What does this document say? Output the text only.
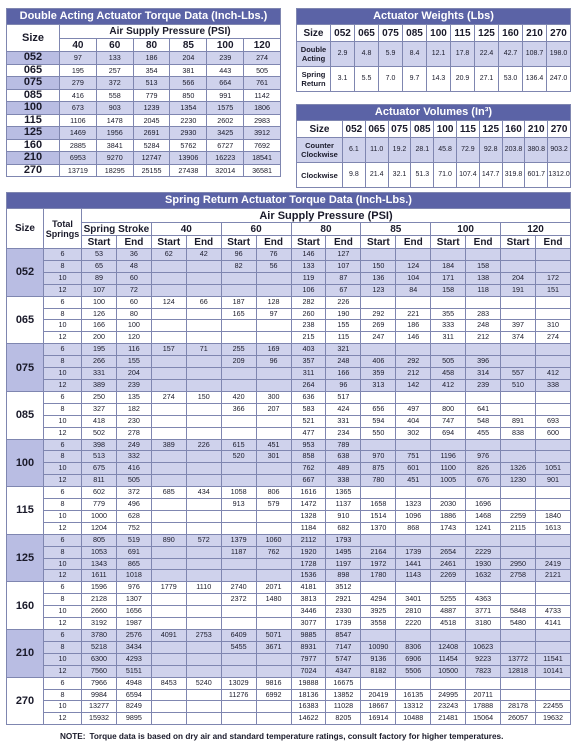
Double Acting Actuator Torque Data (Inch-Lbs.)						
Size	Air Supply Pressure (PSI)					
	40	60	80	85	100	120
052	97	133	186	204	239	274
065	195	257	354	381	443	505
075	279	372	513	566	664	761
085	416	558	779	850	991	1142
100	673	903	1239	1354	1575	1806
115	1106	1478	2045	2230	2602	2983
125	1469	1956	2691	2930	3425	3912
160	2885	3841	5284	5762	6727	7692
210	6953	9270	12747	13906	16223	18541
270	13719	18295	25155	27438	32014	36581
Actuator Weights (Lbs)										
Size	052	065	075	085	100	115	125	160	210	270
Double Acting	2.9	4.8	5.9	8.4	12.1	17.8	22.4	42.7	108.7	198.0
Spring Return	3.1	5.5	7.0	9.7	14.3	20.9	27.1	53.0	136.4	247.0
Actuator Volumes (In³)										
Size	052	065	075	085	100	115	125	160	210	270
Counter Clockwise	6.1	11.0	19.2	28.1	45.8	72.9	92.8	203.8	380.8	903.2
Clockwise	9.8	21.4	32.1	51.3	71.0	107.4	147.7	319.8	601.7	1312.0
Spring Return Actuator Torque Data (Inch-Lbs.)															
Size	Total Springs	Air Supply Pressure (PSI)													
		Spring Stroke		40		60		80		85		100		120	
		Start	End	Start	End	Start	End	Start	End	Start	End	Start	End	Start	End
052	6	53	36	62	42	96	76	146	127						
	8	65	48			82	56	133	107	150	124	184	158		
	10	89	60					119	87	136	104	171	138	204	172
	12	107	72					106	67	123	84	158	118	191	151
065	6	100	60	124	66	187	128	282	226						
	8	126	80			165	97	260	190	292	221	355	283		
	10	166	100					238	155	269	186	333	248	397	310
	12	200	120					215	115	247	146	311	212	374	274
075	6	195	116	157	71	255	169	403	321						
	8	266	155			209	96	357	248	406	292	505	396		
	10	331	204					311	166	359	212	458	314	557	412
	12	389	239					264	96	313	142	412	239	510	338
085	6	250	135	274	150	420	300	636	517						
	8	327	182			366	207	583	424	656	497	800	641		
	10	418	230					521	331	594	404	747	548	891	693
	12	502	278					477	234	550	302	694	455	838	600
100	6	398	249	389	226	615	451	953	789						
	8	513	332			520	301	858	638	970	751	1196	976		
	10	675	416					762	489	875	601	1100	826	1326	1051
	12	811	505					667	338	780	451	1005	676	1230	901
115	6	602	372	685	434	1058	806	1616	1365						
	8	779	496			913	579	1472	1137	1658	1323	2030	1696		
	10	1000	628					1328	910	1514	1096	1886	1468	2259	1840
	12	1204	752					1184	682	1370	868	1743	1241	2115	1613
125	6	805	519	890	572	1379	1060	2112	1793						
	8	1053	691			1187	762	1920	1495	2164	1739	2654	2229		
	10	1343	865					1728	1197	1972	1441	2461	1930	2950	2419
	12	1611	1018					1536	898	1780	1143	2269	1632	2758	2121
160	6	1596	976	1779	1110	2740	2071	4181	3512						
	8	2128	1307			2372	1480	3813	2921	4294	3401	5255	4363		
	10	2660	1656					3446	2330	3925	2810	4887	3771	5848	4733
	12	3192	1987					3077	1739	3558	2220	4518	3180	5480	4141
210	6	3780	2576	4091	2753	6409	5071	9885	8547						
	8	5218	3434			5455	3671	8931	7147	10090	8306	12408	10623		
	10	6300	4293					7977	5747	9136	6906	11454	9223	13772	11541
	12	7560	5151					7024	4347	8182	5506	10500	7823	12818	10141
270	6	7966	4948	8453	5240	13029	9816	19888	16675						
	8	9984	6594			11276	6992	18136	13852	20419	16135	24995	20711		
	10	13277	8249					16383	11028	18667	13312	23243	17888	28178	22455
	12	15932	9895					14622	8205	16914	10488	21481	15064	26057	19632
NOTE: Torque data is based on dry air and standard temperature ratings, consult factory for higher temperatures.
